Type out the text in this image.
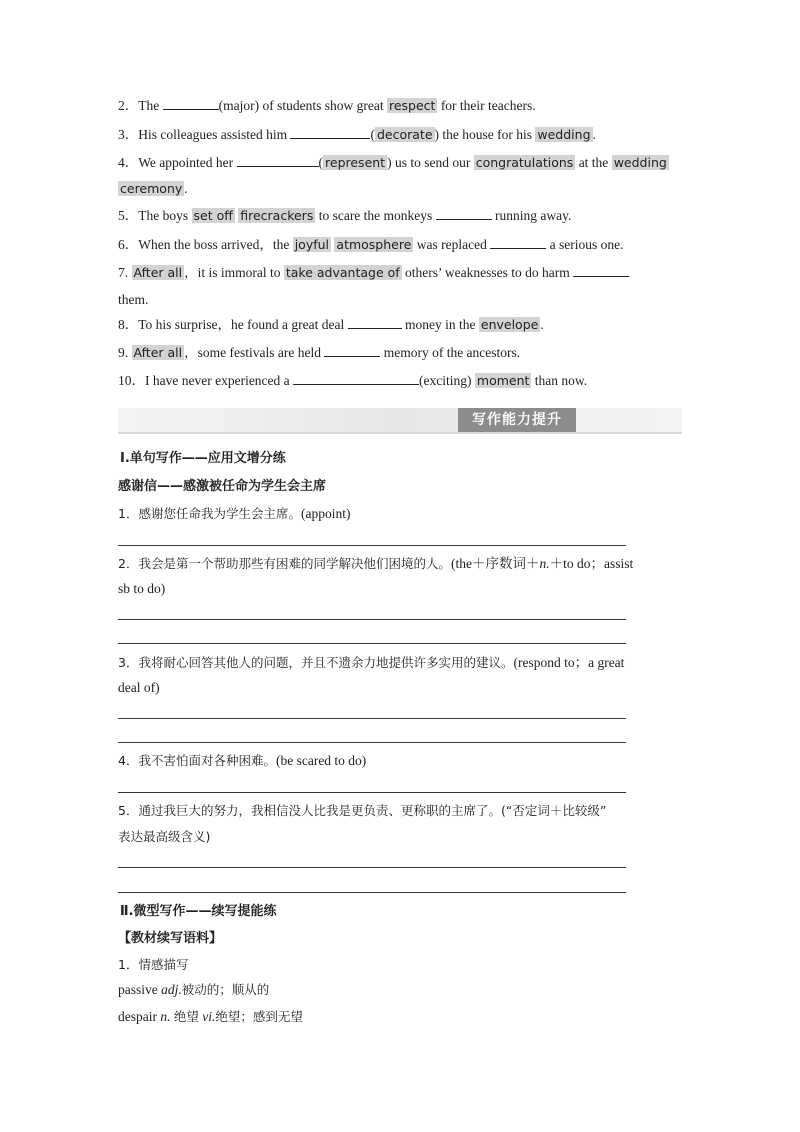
2．The	(major) of students show great respect for their teachers.
3．His colleagues assisted him	( decorate ) the house for his wedding .
4．We appointed her	( represent ) us to send our congratulations at the wedding
ceremony .
5．The boys set off firecrackers to scare the monkeys	running away.
6．When the boss arrived，the joyful atmosphere was replaced	a serious one.
7. After all ，it is immoral to take advantage of others’ weaknesses to do harm
them.
8．To his surprise，he found a great deal	money in the envelope .
9. After all ，some festivals are held	memory of the ancestors.
10．I have never experienced a	(exciting) moment than now.
写作能力提升
Ⅰ.单句写作——应用文增分练
感谢信——感激被任命为学生会主席
1．感谢您任命我为学生会主席。(appoint)
2．我会是第一个帮助那些有困难的同学解决他们困境的人。(the＋序数词＋n.＋to do；assist
sb to do)
3．我将耐心回答其他人的问题，并且不遗余力地提供许多实用的建议。(respond to；a great
deal of)
4．我不害怕面对各种困难。(be scared to do)
5．通过我巨大的努力，我相信没人比我是更负责、更称职的主席了。(“否定词＋比较级”
表达最高级含义)
Ⅱ.微型写作——续写提能练
【教材续写语料】
1．情感描写
passive adj.被动的；顺从的
despair n. 绝望 vi.绝望；感到无望
